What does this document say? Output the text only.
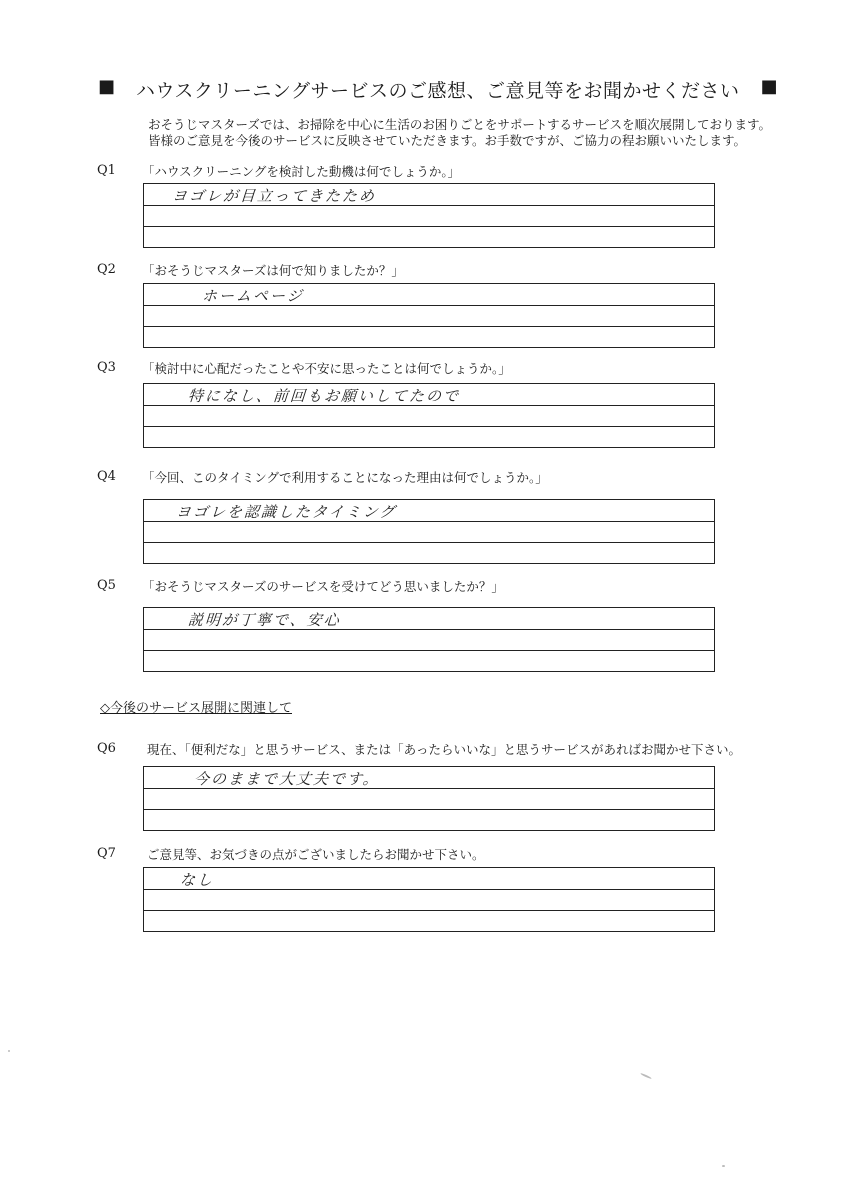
■ ハウスクリーニングサービスのご感想、ご意見等をお聞かせください ■
おそうじマスターズでは、お掃除を中心に生活のお困りごとをサポートするサービスを順次展開しております。
皆様のご意見を今後のサービスに反映させていただきます。お手数ですが、ご協力の程お願いいたします。
Q1 「ハウスクリーニングを検討した動機は何でしょうか。」
ヨゴレが目立ってきたため
Q2 「おそうじマスターズは何で知りましたか？」
ホームページ
Q3 「検討中に心配だったことや不安に思ったことは何でしょうか。」
特になし、前回もお願いしてたので
Q4 「今回、このタイミングで利用することになった理由は何でしょうか。」
ヨゴレを認識したタイミング
Q5 「おそうじマスターズのサービスを受けてどう思いましたか？」
説明が丁寧で、安心
◇今後のサービス展開に関連して
Q6 現在、「便利だな」と思うサービス、または「あったらいいな」と思うサービスがあればお聞かせ下さい。
今のままで大丈夫です。
Q7 ご意見等、お気づきの点がございましたらお聞かせ下さい。
なし
